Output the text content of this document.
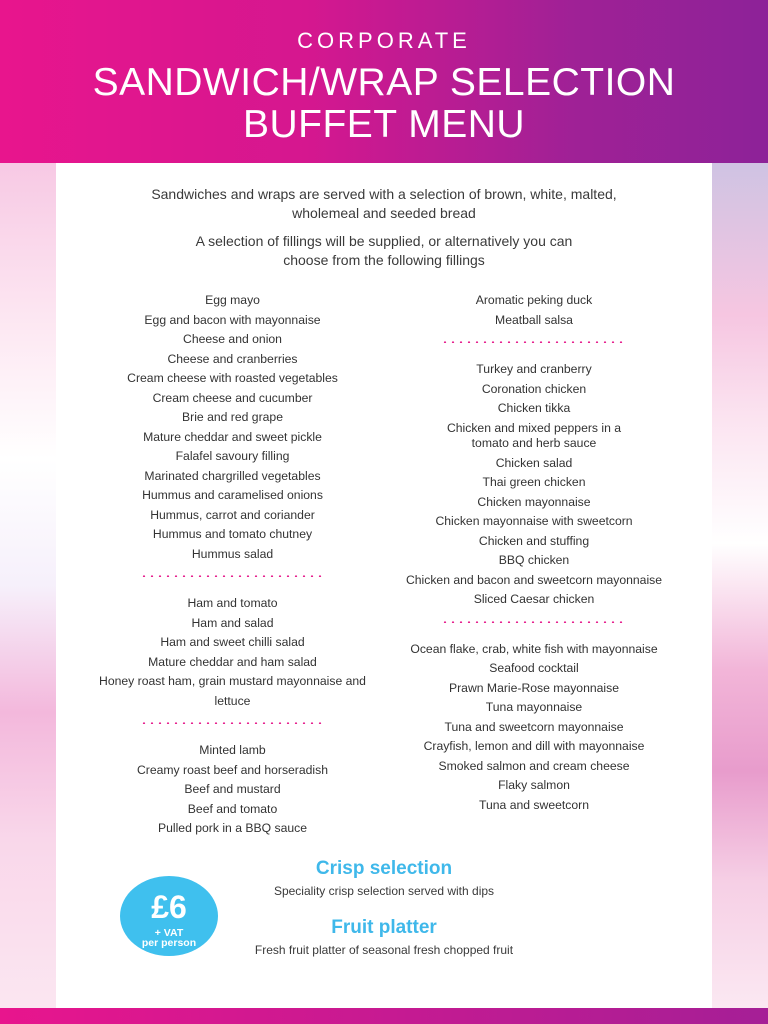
CORPORATE
SANDWICH/WRAP SELECTION
BUFFET MENU
Sandwiches and wraps are served with a selection of brown, white, malted,
wholemeal and seeded bread
A selection of fillings will be supplied, or alternatively you can
choose from the following fillings
Egg mayo
Egg and bacon with mayonnaise
Cheese and onion
Cheese and cranberries
Cream cheese with roasted vegetables
Cream cheese and cucumber
Brie and red grape
Mature cheddar and sweet pickle
Falafel savoury filling
Marinated chargrilled vegetables
Hummus and caramelised onions
Hummus, carrot and coriander
Hummus and tomato chutney
Hummus salad
Ham and tomato
Ham and salad
Ham and sweet chilli salad
Mature cheddar and ham salad
Honey roast ham, grain mustard mayonnaise and lettuce
Minted lamb
Creamy roast beef and horseradish
Beef and mustard
Beef and tomato
Pulled pork in a BBQ sauce
Aromatic peking duck
Meatball salsa
Turkey and cranberry
Coronation chicken
Chicken tikka
Chicken and mixed peppers in a tomato and herb sauce
Chicken salad
Thai green chicken
Chicken mayonnaise
Chicken mayonnaise with sweetcorn
Chicken and stuffing
BBQ chicken
Chicken and bacon and sweetcorn mayonnaise
Sliced Caesar chicken
Ocean flake, crab, white fish with mayonnaise
Seafood cocktail
Prawn Marie-Rose mayonnaise
Tuna mayonnaise
Tuna and sweetcorn mayonnaise
Crayfish, lemon and dill with mayonnaise
Smoked salmon and cream cheese
Flaky salmon
Tuna and sweetcorn
Crisp selection
Speciality crisp selection served with dips
Fruit platter
Fresh fruit platter of seasonal fresh chopped fruit
£6
+ VAT
per person
